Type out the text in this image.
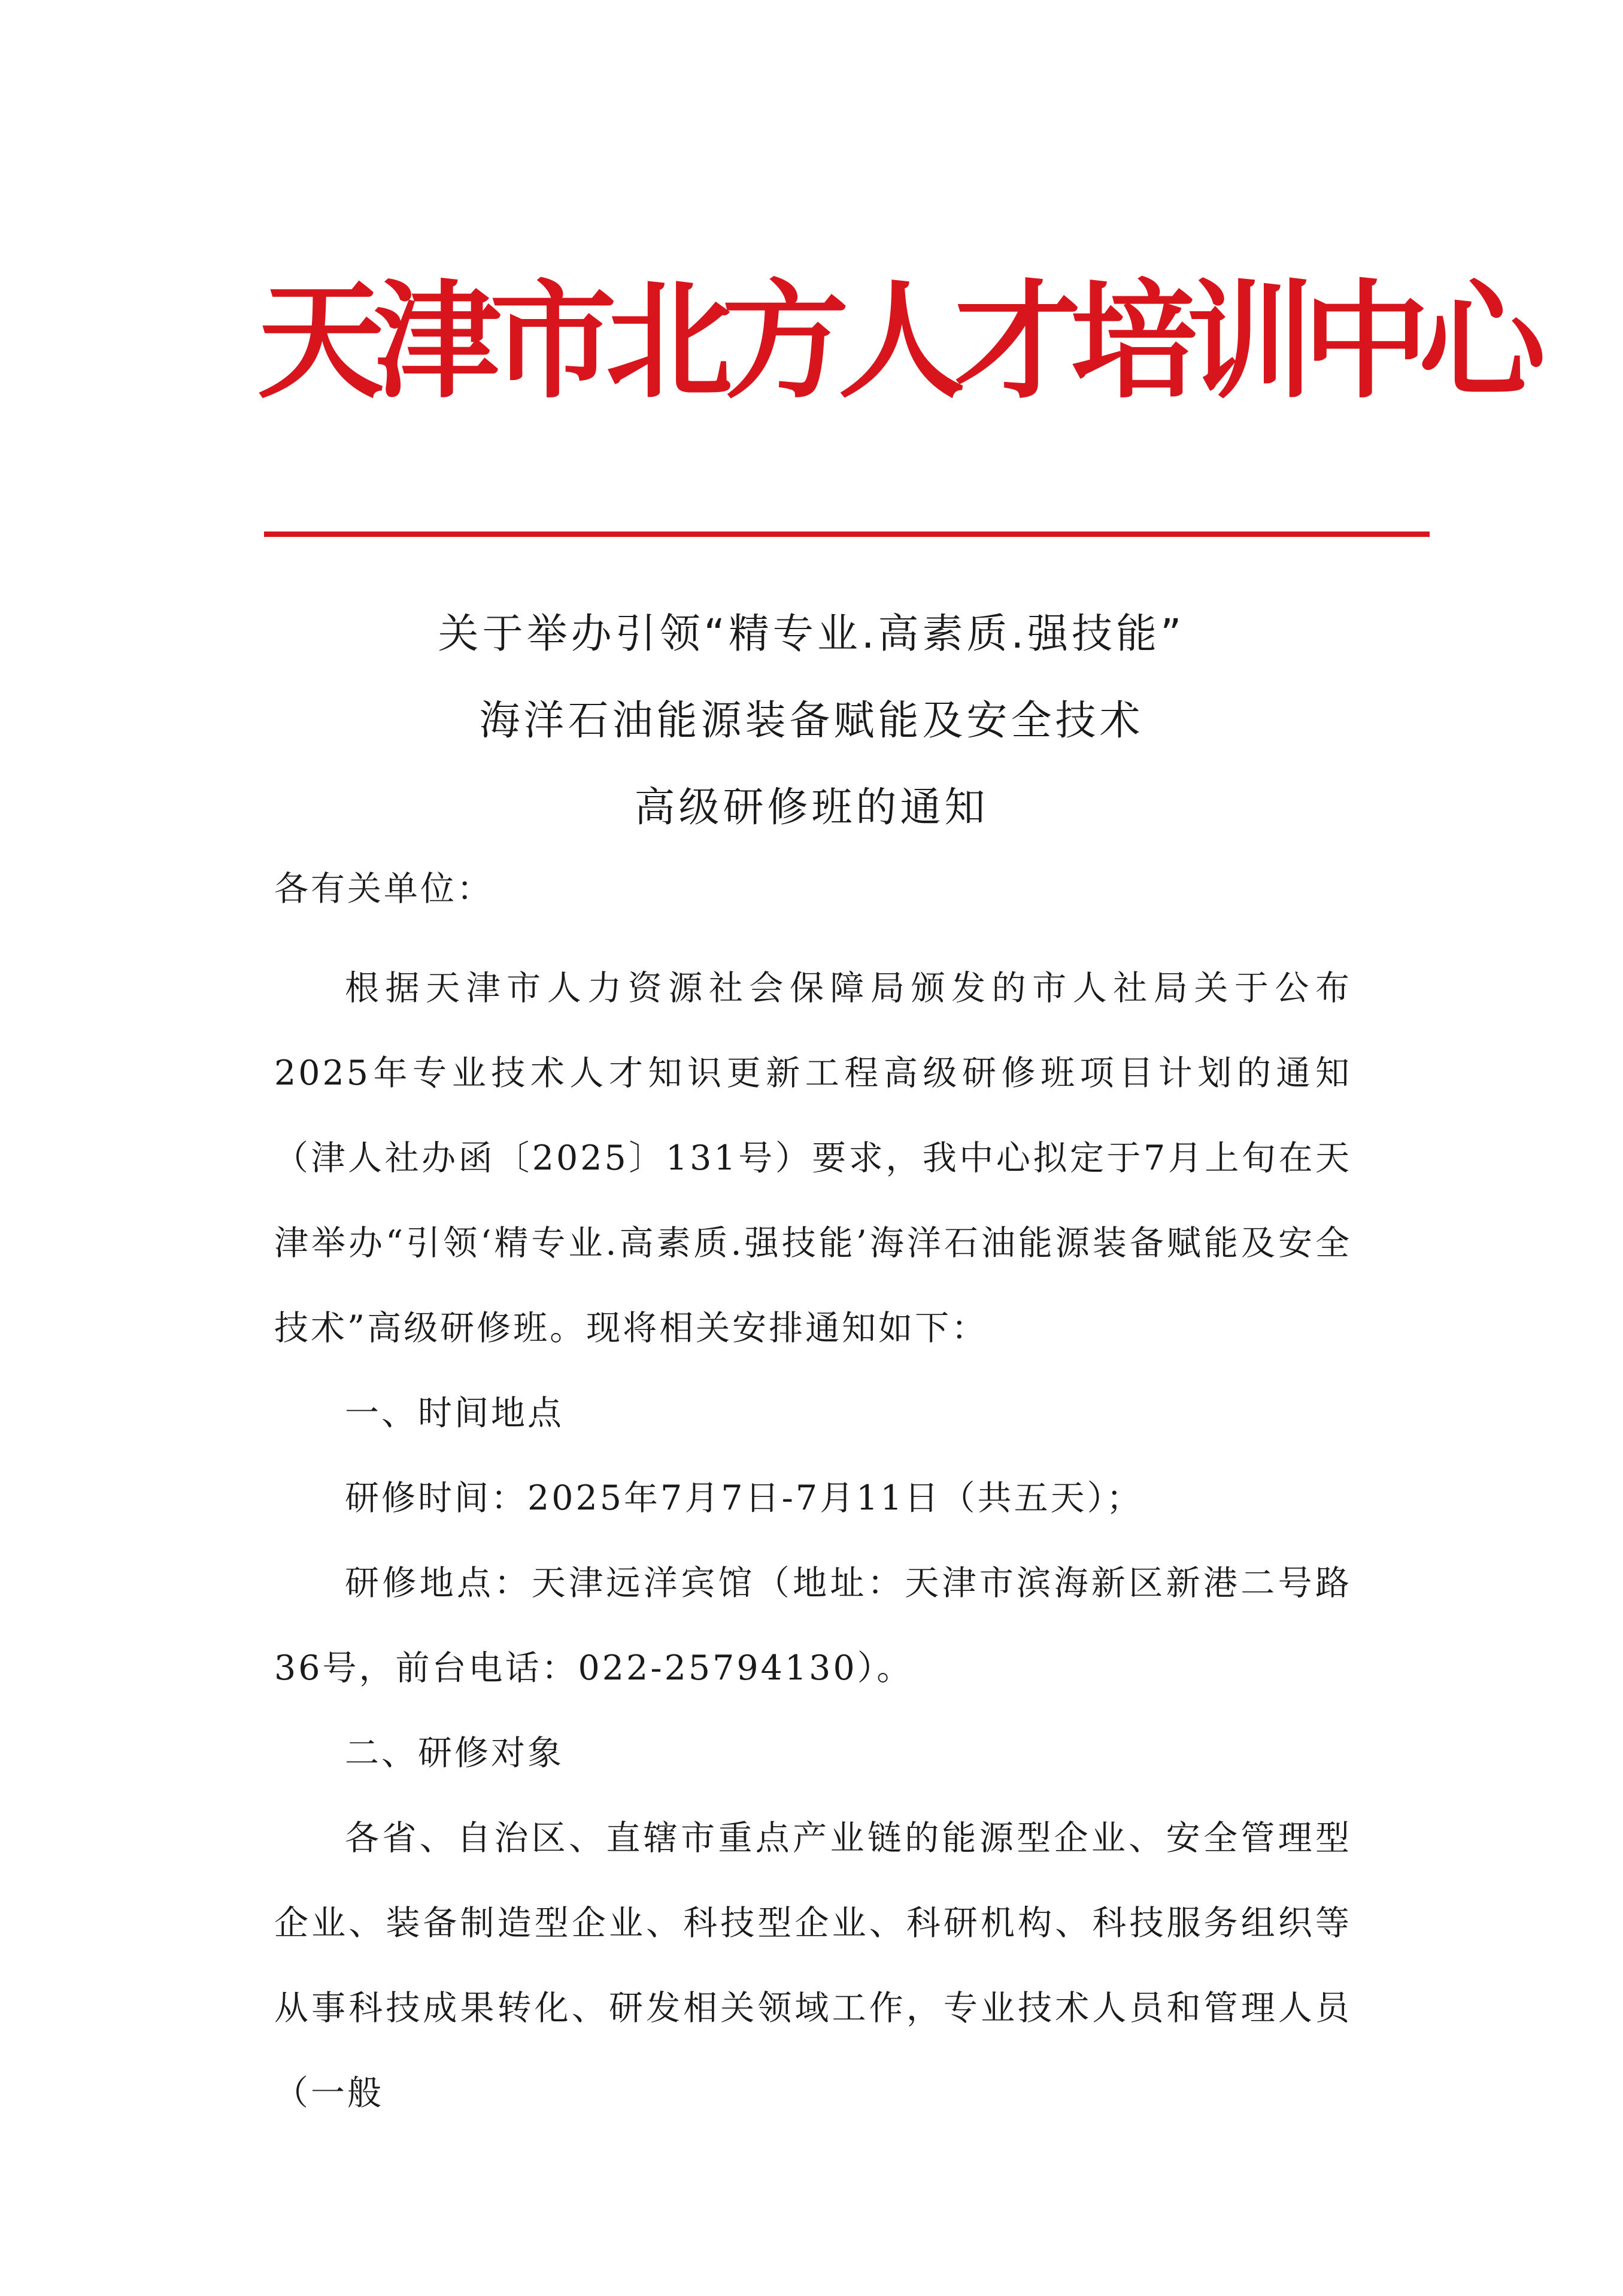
天津市北方人才培训中心
关于举办引领“精专业.高素质.强技能”
海洋石油能源装备赋能及安全技术
高级研修班的通知

各有关单位：

根据天津市人力资源社会保障局颁发的市人社局关于公布2025年专业技术人才知识更新工程高级研修班项目计划的通知（津人社办函〔2025〕131号）要求，我中心拟定于7月上旬在天津举办“引领‘精专业.高素质.强技能’海洋石油能源装备赋能及安全技术”高级研修班。现将相关安排通知如下：

一、时间地点

研修时间：2025年7月7日-7月11日（共五天）；

研修地点：天津远洋宾馆（地址：天津市滨海新区新港二号路36号，前台电话：022-25794130）。

二、研修对象

各省、自治区、直辖市重点产业链的能源型企业、安全管理型企业、装备制造型企业、科技型企业、科研机构、科技服务组织等从事科技成果转化、研发相关领域工作，专业技术人员和管理人员（一般
